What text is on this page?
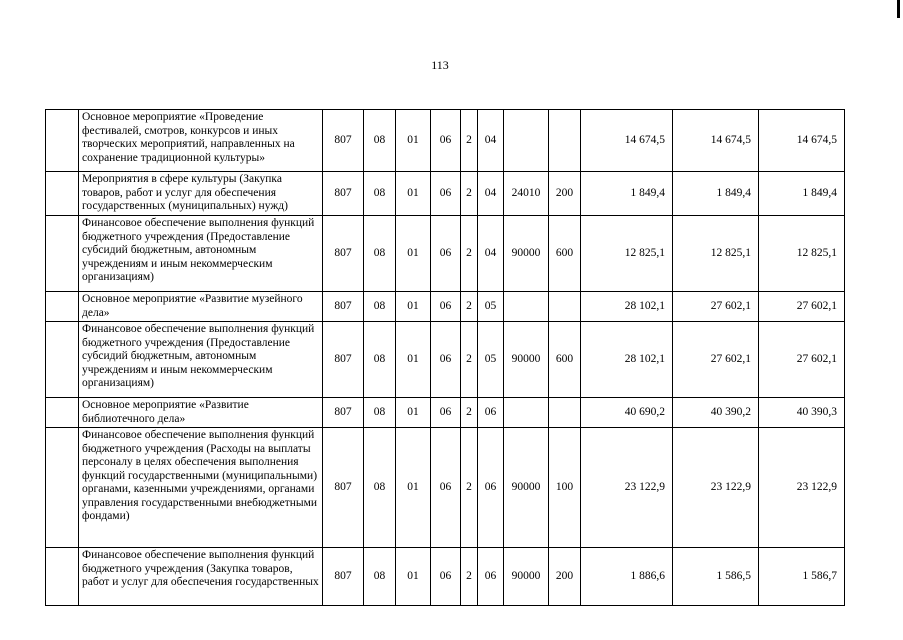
113
	Основное мероприятие «Проведение фестивалей, смотров, конкурсов и иных творческих мероприятий, направленных на сохранение традиционной культуры»	807	08	01	06	2	04			14 674,5	14 674,5	14 674,5
	Мероприятия в сфере культуры (Закупка товаров, работ и услуг для обеспечения государственных (муниципальных) нужд)	807	08	01	06	2	04	24010	200	1 849,4	1 849,4	1 849,4
	Финансовое обеспечение выполнения функций бюджетного учреждения (Предоставление субсидий бюджетным, автономным учреждениям и иным некоммерческим организациям)	807	08	01	06	2	04	90000	600	12 825,1	12 825,1	12 825,1
	Основное мероприятие «Развитие музейного дела»	807	08	01	06	2	05			28 102,1	27 602,1	27 602,1
	Финансовое обеспечение выполнения функций бюджетного учреждения (Предоставление субсидий бюджетным, автономным учреждениям и иным некоммерческим организациям)	807	08	01	06	2	05	90000	600	28 102,1	27 602,1	27 602,1
	Основное мероприятие «Развитие библиотечного дела»	807	08	01	06	2	06			40 690,2	40 390,2	40 390,3
	Финансовое обеспечение выполнения функций бюджетного учреждения (Расходы на выплаты персоналу в целях обеспечения выполнения функций государственными (муниципальными) органами, казенными учреждениями, органами управления государственными внебюджетными фондами)	807	08	01	06	2	06	90000	100	23 122,9	23 122,9	23 122,9
	Финансовое обеспечение выполнения функций бюджетного учреждения (Закупка товаров, работ и услуг для обеспечения государственных	807	08	01	06	2	06	90000	200	1 886,6	1 586,5	1 586,7
